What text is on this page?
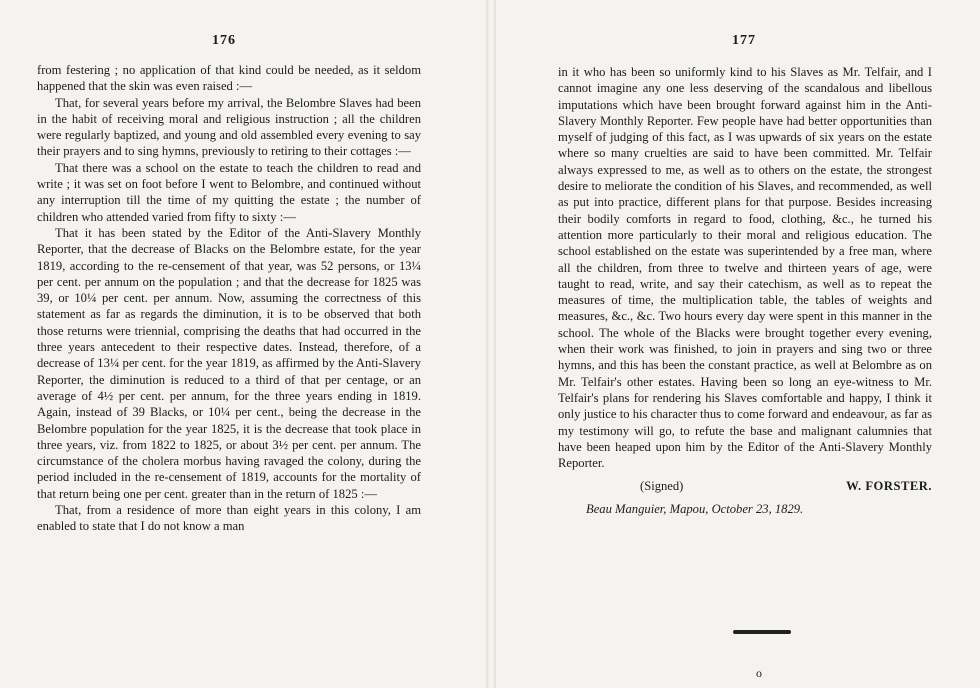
176

from festering ; no application of that kind could be needed, as it seldom happened that the skin was even raised :—

That, for several years before my arrival, the Belombre Slaves had been in the habit of receiving moral and religious instruction ; all the children were regularly baptized, and young and old assembled every evening to say their prayers and to sing hymns, previously to retiring to their cottages :—

That there was a school on the estate to teach the children to read and write ; it was set on foot before I went to Belombre, and continued without any interruption till the time of my quitting the estate ; the number of children who attended varied from fifty to sixty :—

That it has been stated by the Editor of the Anti-Slavery Monthly Reporter, that the decrease of Blacks on the Belombre estate, for the year 1819, according to the re-censement of that year, was 52 persons, or 13¼ per cent. per annum on the population ; and that the decrease for 1825 was 39, or 10¼ per cent. per annum. Now, assuming the correctness of this statement as far as regards the diminution, it is to be observed that both those returns were triennial, comprising the deaths that had occurred in the three years antecedent to their respective dates. Instead, therefore, of a decrease of 13¼ per cent. for the year 1819, as affirmed by the Anti-Slavery Reporter, the diminution is reduced to a third of that per centage, or an average of 4½ per cent. per annum, for the three years ending in 1819. Again, instead of 39 Blacks, or 10¼ per cent., being the decrease in the Belombre population for the year 1825, it is the decrease that took place in three years, viz. from 1822 to 1825, or about 3½ per cent. per annum. The circumstance of the cholera morbus having ravaged the colony, during the period included in the re-censement of 1819, accounts for the mortality of that return being one per cent. greater than in the return of 1825 :—

That, from a residence of more than eight years in this colony, I am enabled to state that I do not know a man

177

in it who has been so uniformly kind to his Slaves as Mr. Telfair, and I cannot imagine any one less deserving of the scandalous and libellous imputations which have been brought forward against him in the Anti-Slavery Monthly Reporter. Few people have had better opportunities than myself of judging of this fact, as I was upwards of six years on the estate where so many cruelties are said to have been committed. Mr. Telfair always expressed to me, as well as to others on the estate, the strongest desire to meliorate the condition of his Slaves, and recommended, as well as put into practice, different plans for that purpose. Besides increasing their bodily comforts in regard to food, clothing, &c., he turned his attention more particularly to their moral and religious education. The school established on the estate was superintended by a free man, where all the children, from three to twelve and thirteen years of age, were taught to read, write, and say their catechism, as well as to repeat the measures of time, the multiplication table, the tables of weights and measures, &c., &c. Two hours every day were spent in this manner in the school. The whole of the Blacks were brought together every evening, when their work was finished, to join in prayers and sing two or three hymns, and this has been the constant practice, as well at Belombre as on Mr. Telfair's other estates. Having been so long an eye-witness to Mr. Telfair's plans for rendering his Slaves comfortable and happy, I think it only justice to his character thus to come forward and endeavour, as far as my testimony will go, to refute the base and malignant calumnies that have been heaped upon him by the Editor of the Anti-Slavery Monthly Reporter.

(Signed)	W. FORSTER.
Beau Manguier, Mapou, October 23, 1829.
o
